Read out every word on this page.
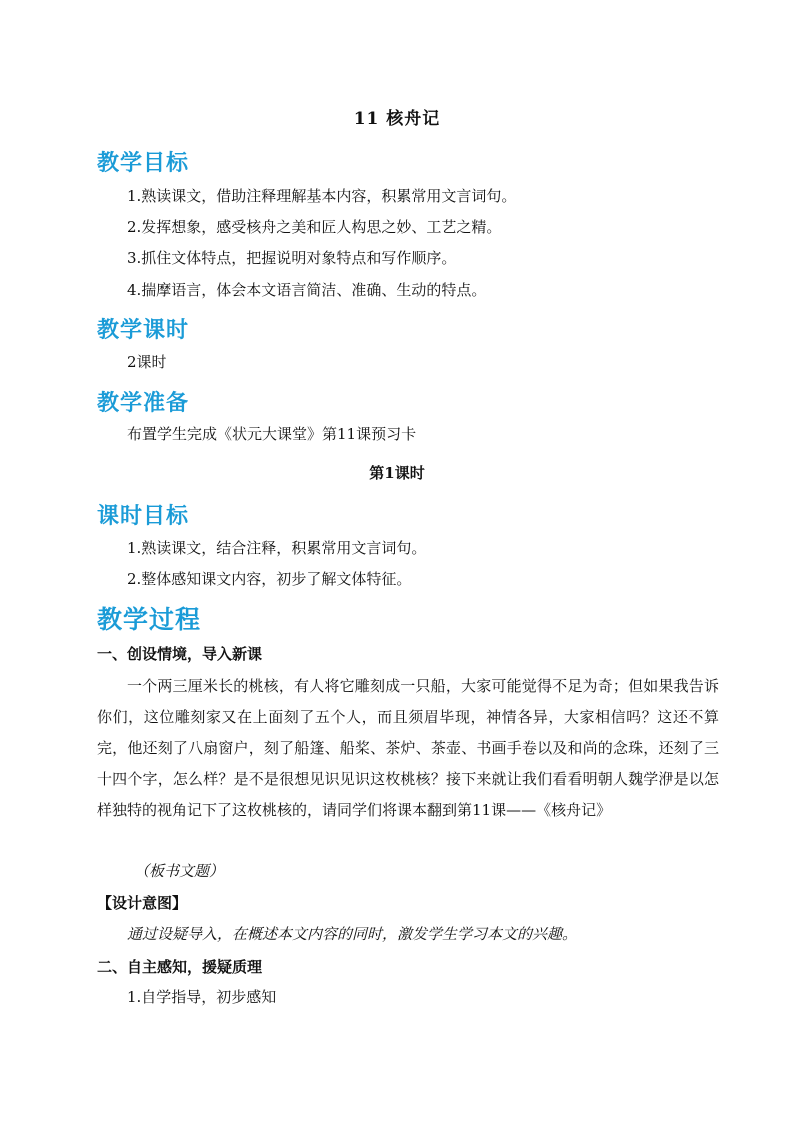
11 核舟记
教学目标
1.熟读课文，借助注释理解基本内容，积累常用文言词句。
2.发挥想象，感受核舟之美和匠人构思之妙、工艺之精。
3.抓住文体特点，把握说明对象特点和写作顺序。
4.揣摩语言，体会本文语言简洁、准确、生动的特点。
教学课时
2课时
教学准备
布置学生完成《状元大课堂》第11课预习卡
第1课时
课时目标
1.熟读课文，结合注释，积累常用文言词句。
2.整体感知课文内容，初步了解文体特征。
教学过程
一、创设情境，导入新课
一个两三厘米长的桃核，有人将它雕刻成一只船，大家可能觉得不足为奇；但如果我告诉你们，这位雕刻家又在上面刻了五个人，而且须眉毕现，神情各异，大家相信吗？这还不算完，他还刻了八扇窗户，刻了船篷、船桨、茶炉、茶壶、书画手卷以及和尚的念珠，还刻了三十四个字，怎么样？是不是很想见识见识这枚桃核？接下来就让我们看看明朝人魏学洢是以怎样独特的视角记下了这枚桃核的，请同学们将课本翻到第11课——《核舟记》
（板书文题）
【设计意图】
通过设疑导入，在概述本文内容的同时，激发学生学习本文的兴趣。
二、自主感知，援疑质理
1.自学指导，初步感知
